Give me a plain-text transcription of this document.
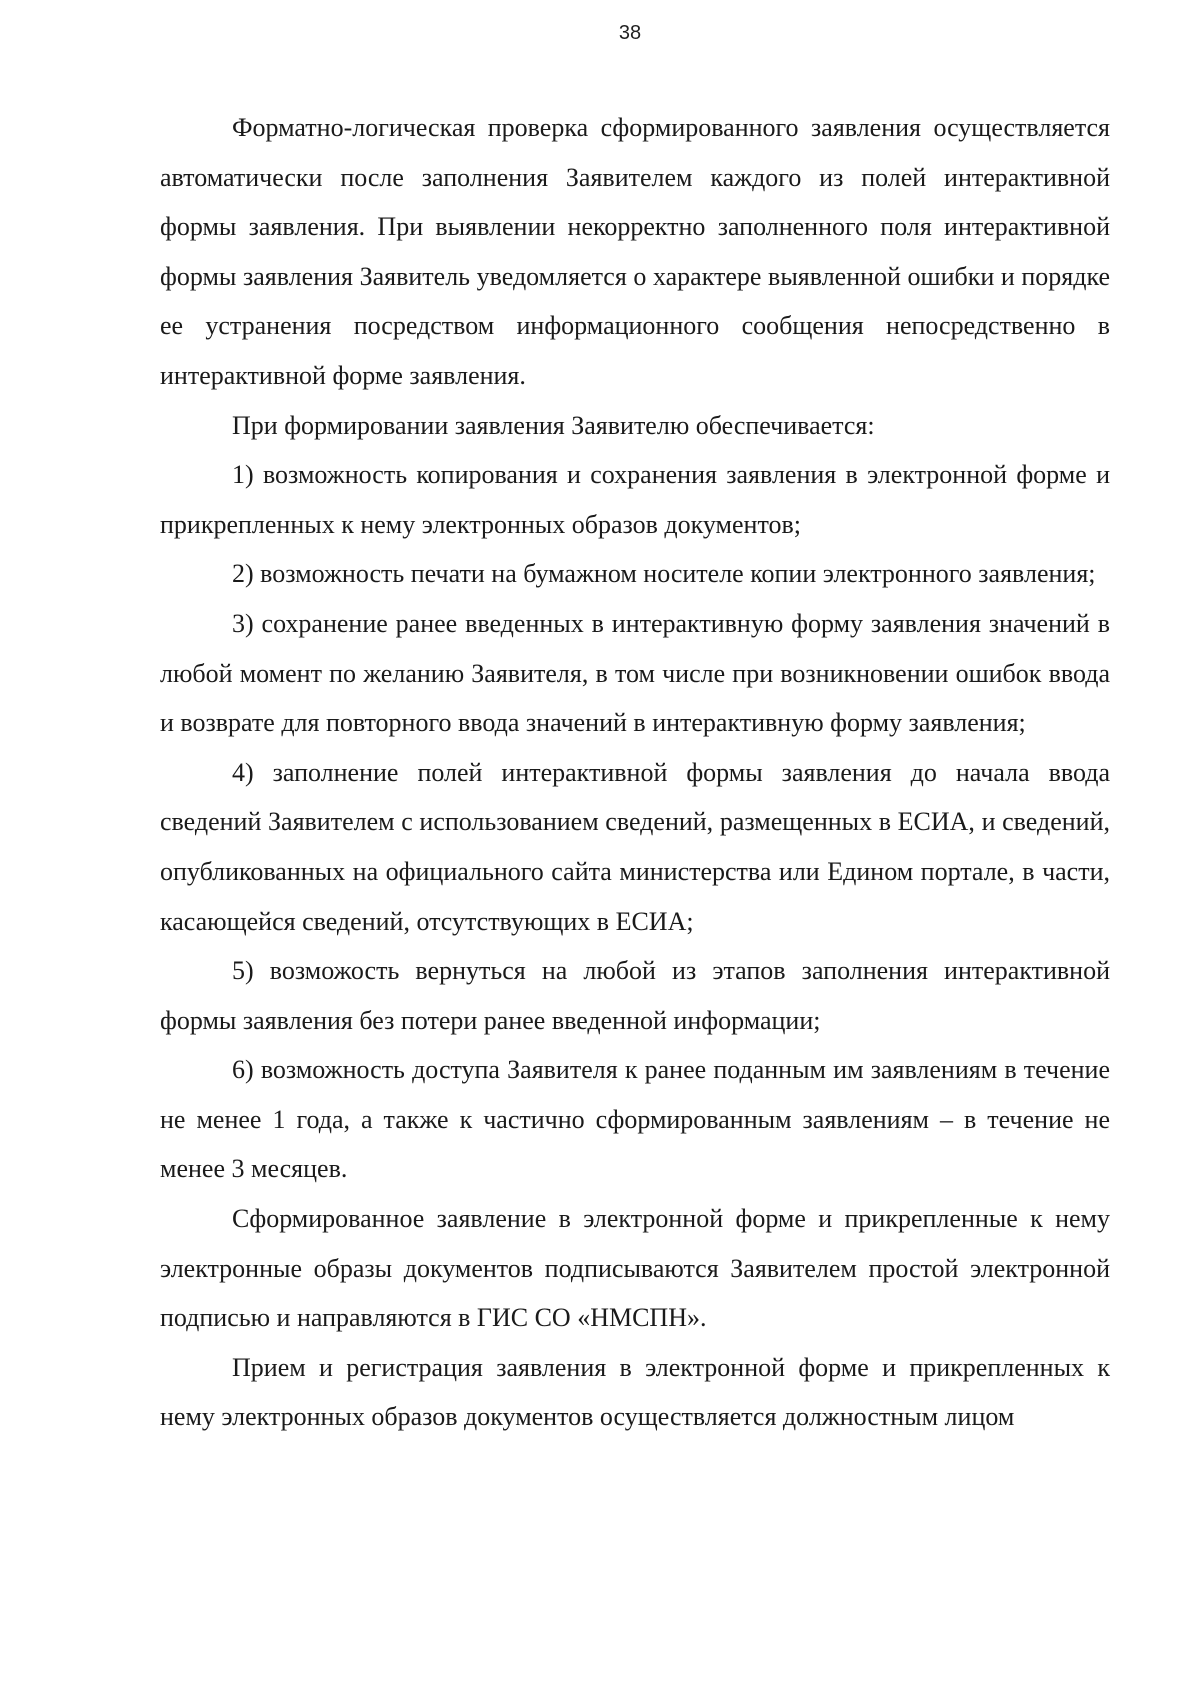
38

Форматно-логическая проверка сформированного заявления осуществляется автоматически после заполнения Заявителем каждого из полей интерактивной формы заявления. При выявлении некорректно заполненного поля интерактивной формы заявления Заявитель уведомляется о характере выявленной ошибки и порядке ее устранения посредством информационного сообщения непосредственно в интерактивной форме заявления.

При формировании заявления Заявителю обеспечивается:

1) возможность копирования и сохранения заявления в электронной форме и прикрепленных к нему электронных образов документов;

2) возможность печати на бумажном носителе копии электронного заявления;

3) сохранение ранее введенных в интерактивную форму заявления значений в любой момент по желанию Заявителя, в том числе при возникновении ошибок ввода и возврате для повторного ввода значений в интерактивную форму заявления;

4) заполнение полей интерактивной формы заявления до начала ввода сведений Заявителем с использованием сведений, размещенных в ЕСИА, и сведений, опубликованных на официального сайта министерства или Едином портале, в части, касающейся сведений, отсутствующих в ЕСИА;

5) возможость вернуться на любой из этапов заполнения интерактивной формы заявления без потери ранее введенной информации;

6) возможность доступа Заявителя к ранее поданным им заявлениям в течение не менее 1 года, а также к частично сформированным заявлениям – в течение не менее 3 месяцев.

Сформированное заявление в электронной форме и прикрепленные к нему электронные образы документов подписываются Заявителем простой электронной подписью и направляются в ГИС СО «НМСПН».

Прием и регистрация заявления в электронной форме и прикрепленных к нему электронных образов документов осуществляется должностным лицом
